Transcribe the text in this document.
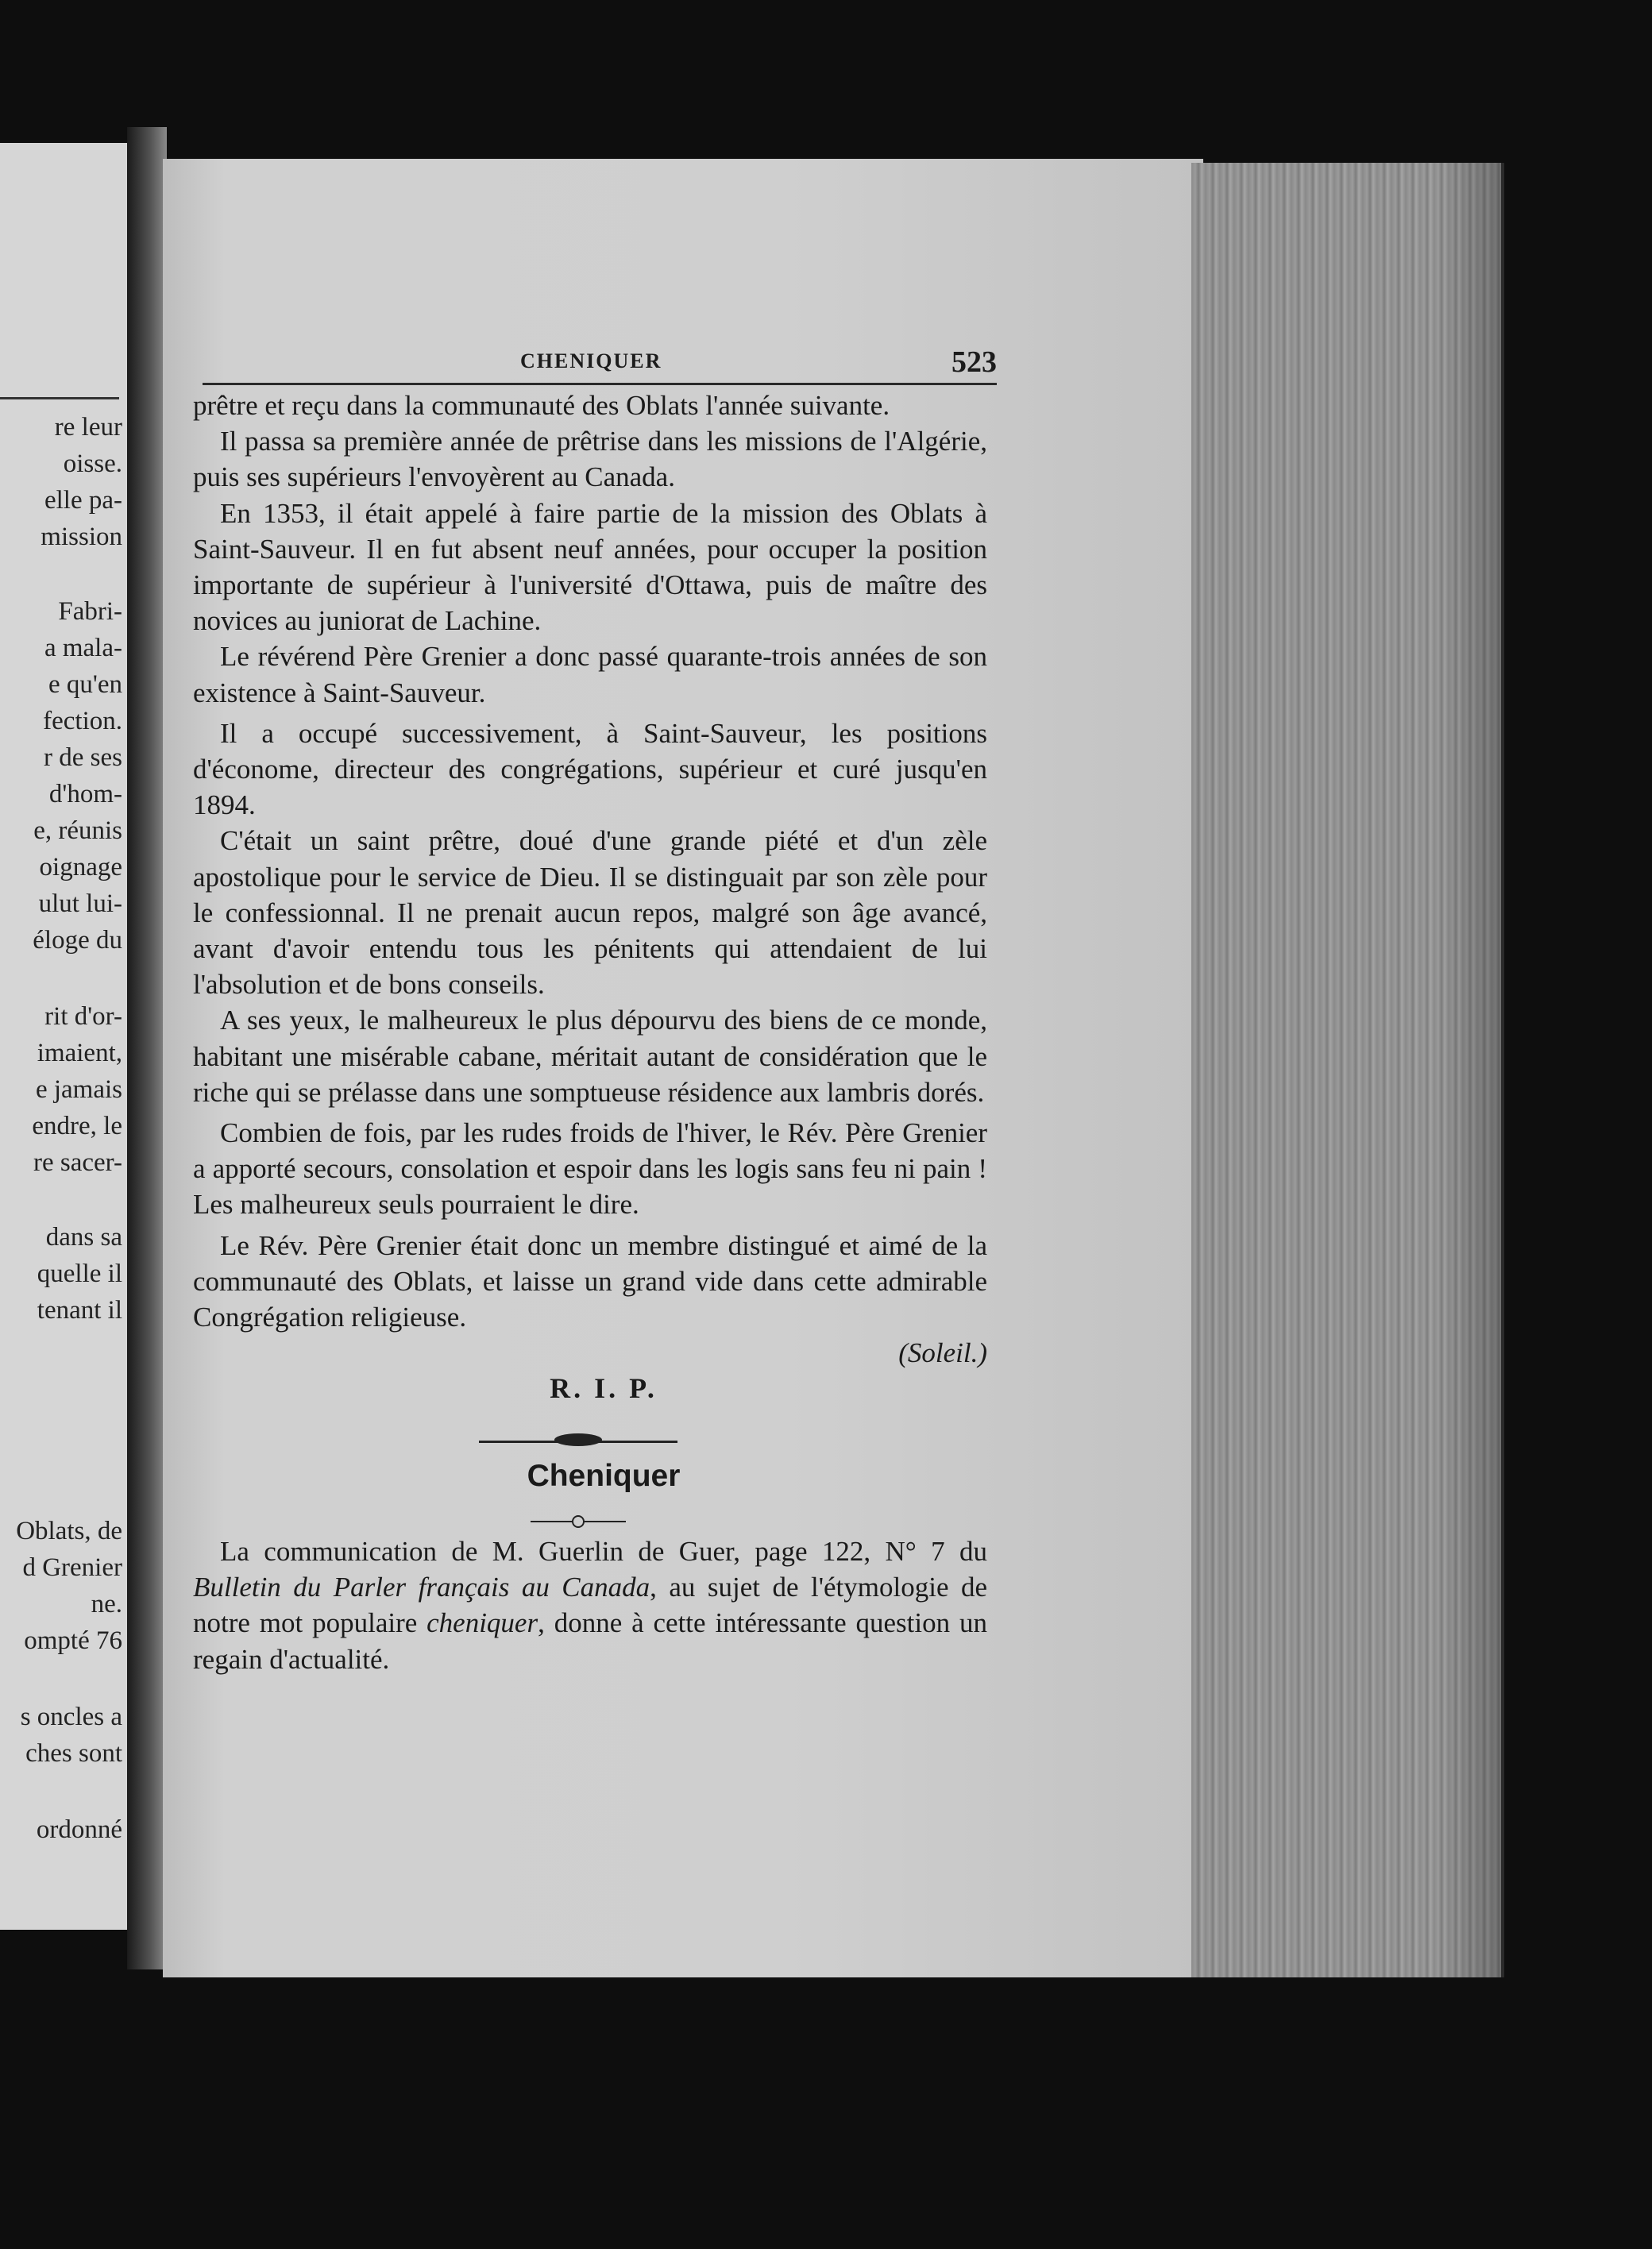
re leur
oisse.
elle pa-
mission
Fabri-
a mala-
e qu'en
fection.
r de ses
d'hom-
e, réunis
oignage
ulut lui-
éloge du
rit d'or-
imaient,
e jamais
endre, le
re sacer-
dans sa
quelle il
tenant il
Oblats, de
d Grenier
ne.
ompté 76
s oncles a
ches sont
ordonné
CHENIQUER	523

prêtre et reçu dans la communauté des Oblats l'année suivante.

Il passa sa première année de prêtrise dans les missions de l'Algérie, puis ses supérieurs l'envoyèrent au Canada.

En 1353, il était appelé à faire partie de la mission des Oblats à Saint-Sauveur. Il en fut absent neuf années, pour occuper la position importante de supérieur à l'université d'Ottawa, puis de maître des novices au juniorat de Lachine.

Le révérend Père Grenier a donc passé quarante-trois années de son existence à Saint-Sauveur.

Il a occupé successivement, à Saint-Sauveur, les positions d'économe, directeur des congrégations, supérieur et curé jusqu'en 1894.

C'était un saint prêtre, doué d'une grande piété et d'un zèle apostolique pour le service de Dieu. Il se distinguait par son zèle pour le confessionnal. Il ne prenait aucun repos, malgré son âge avancé, avant d'avoir entendu tous les pénitents qui attendaient de lui l'absolution et de bons conseils.

A ses yeux, le malheureux le plus dépourvu des biens de ce monde, habitant une misérable cabane, méritait autant de considération que le riche qui se prélasse dans une somptueuse résidence aux lambris dorés.

Combien de fois, par les rudes froids de l'hiver, le Rév. Père Grenier a apporté secours, consolation et espoir dans les logis sans feu ni pain ! Les malheureux seuls pourraient le dire.

Le Rév. Père Grenier était donc un membre distingué et aimé de la communauté des Oblats, et laisse un grand vide dans cette admirable Congrégation religieuse.

(Soleil.)

R. I. P.

Cheniquer

La communication de M. Guerlin de Guer, page 122, N° 7 du Bulletin du Parler français au Canada, au sujet de l'étymologie de notre mot populaire cheniquer, donne à cette intéressante question un regain d'actualité.
